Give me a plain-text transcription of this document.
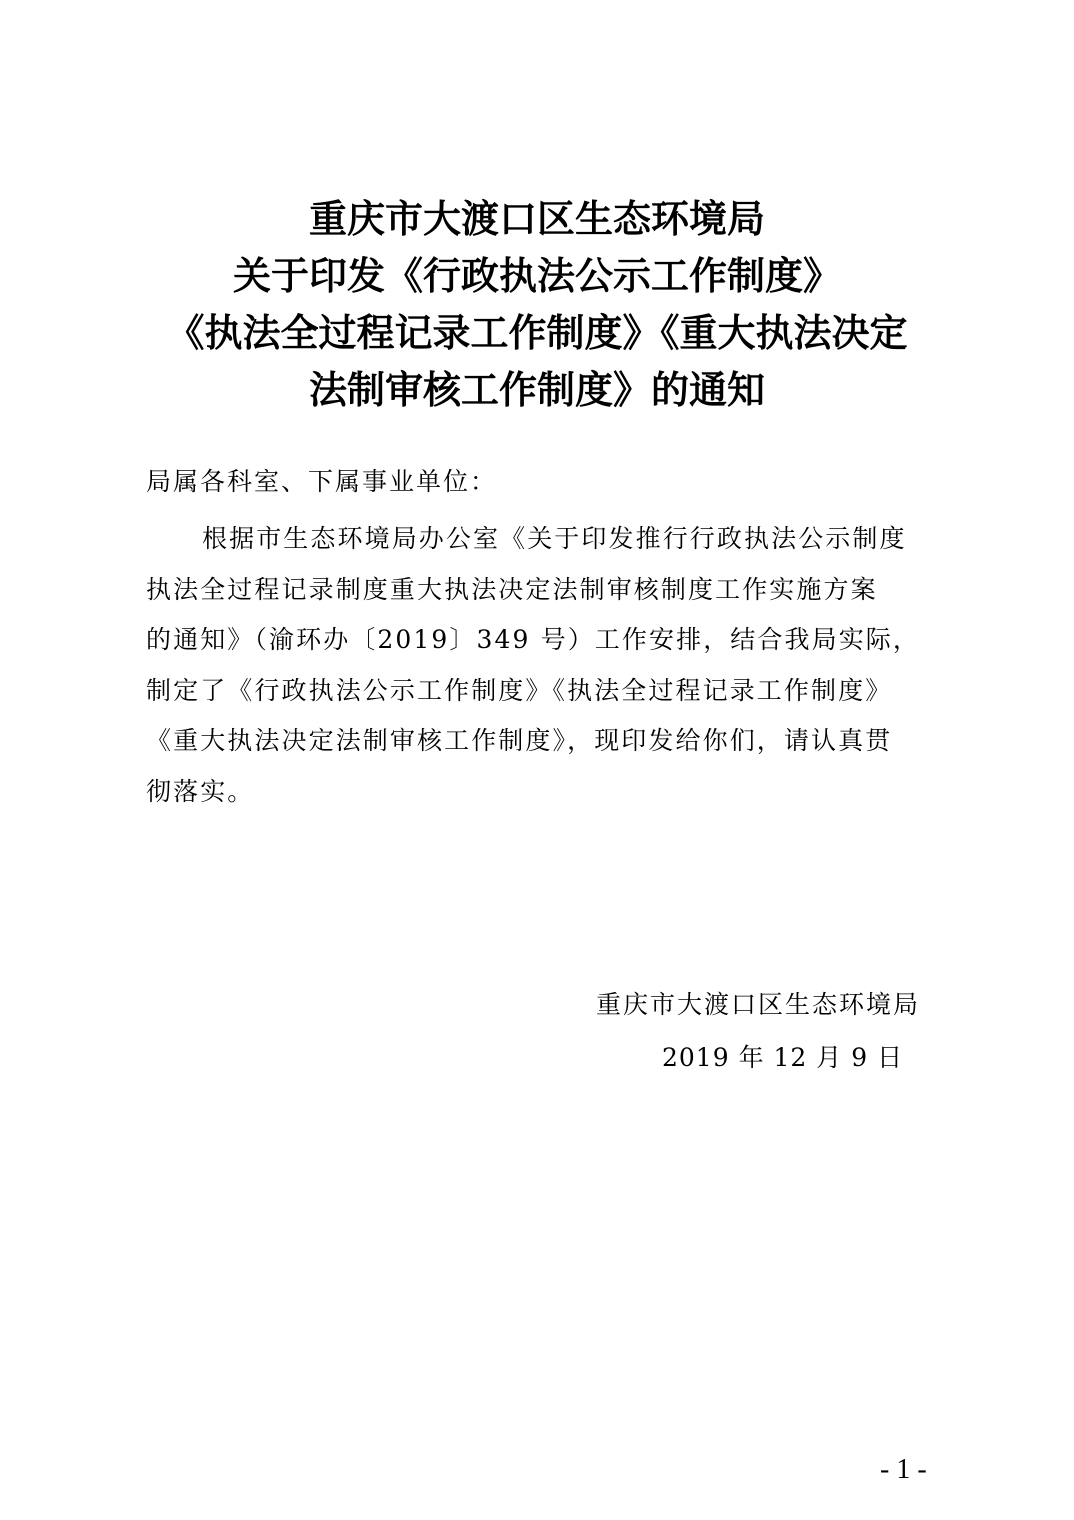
重庆市大渡口区生态环境局
关于印发《行政执法公示工作制度》
《执法全过程记录工作制度》《重大执法决定
法制审核工作制度》的通知
局属各科室、下属事业单位：
根据市生态环境局办公室《关于印发推行行政执法公示制度
执法全过程记录制度重大执法决定法制审核制度工作实施方案
的通知》（渝环办〔2019〕349 号）工作安排，结合我局实际，
制定了《行政执法公示工作制度》《执法全过程记录工作制度》
《重大执法决定法制审核工作制度》，现印发给你们，请认真贯
彻落实。
重庆市大渡口区生态环境局
2019 年 12 月 9 日
- 1 -
